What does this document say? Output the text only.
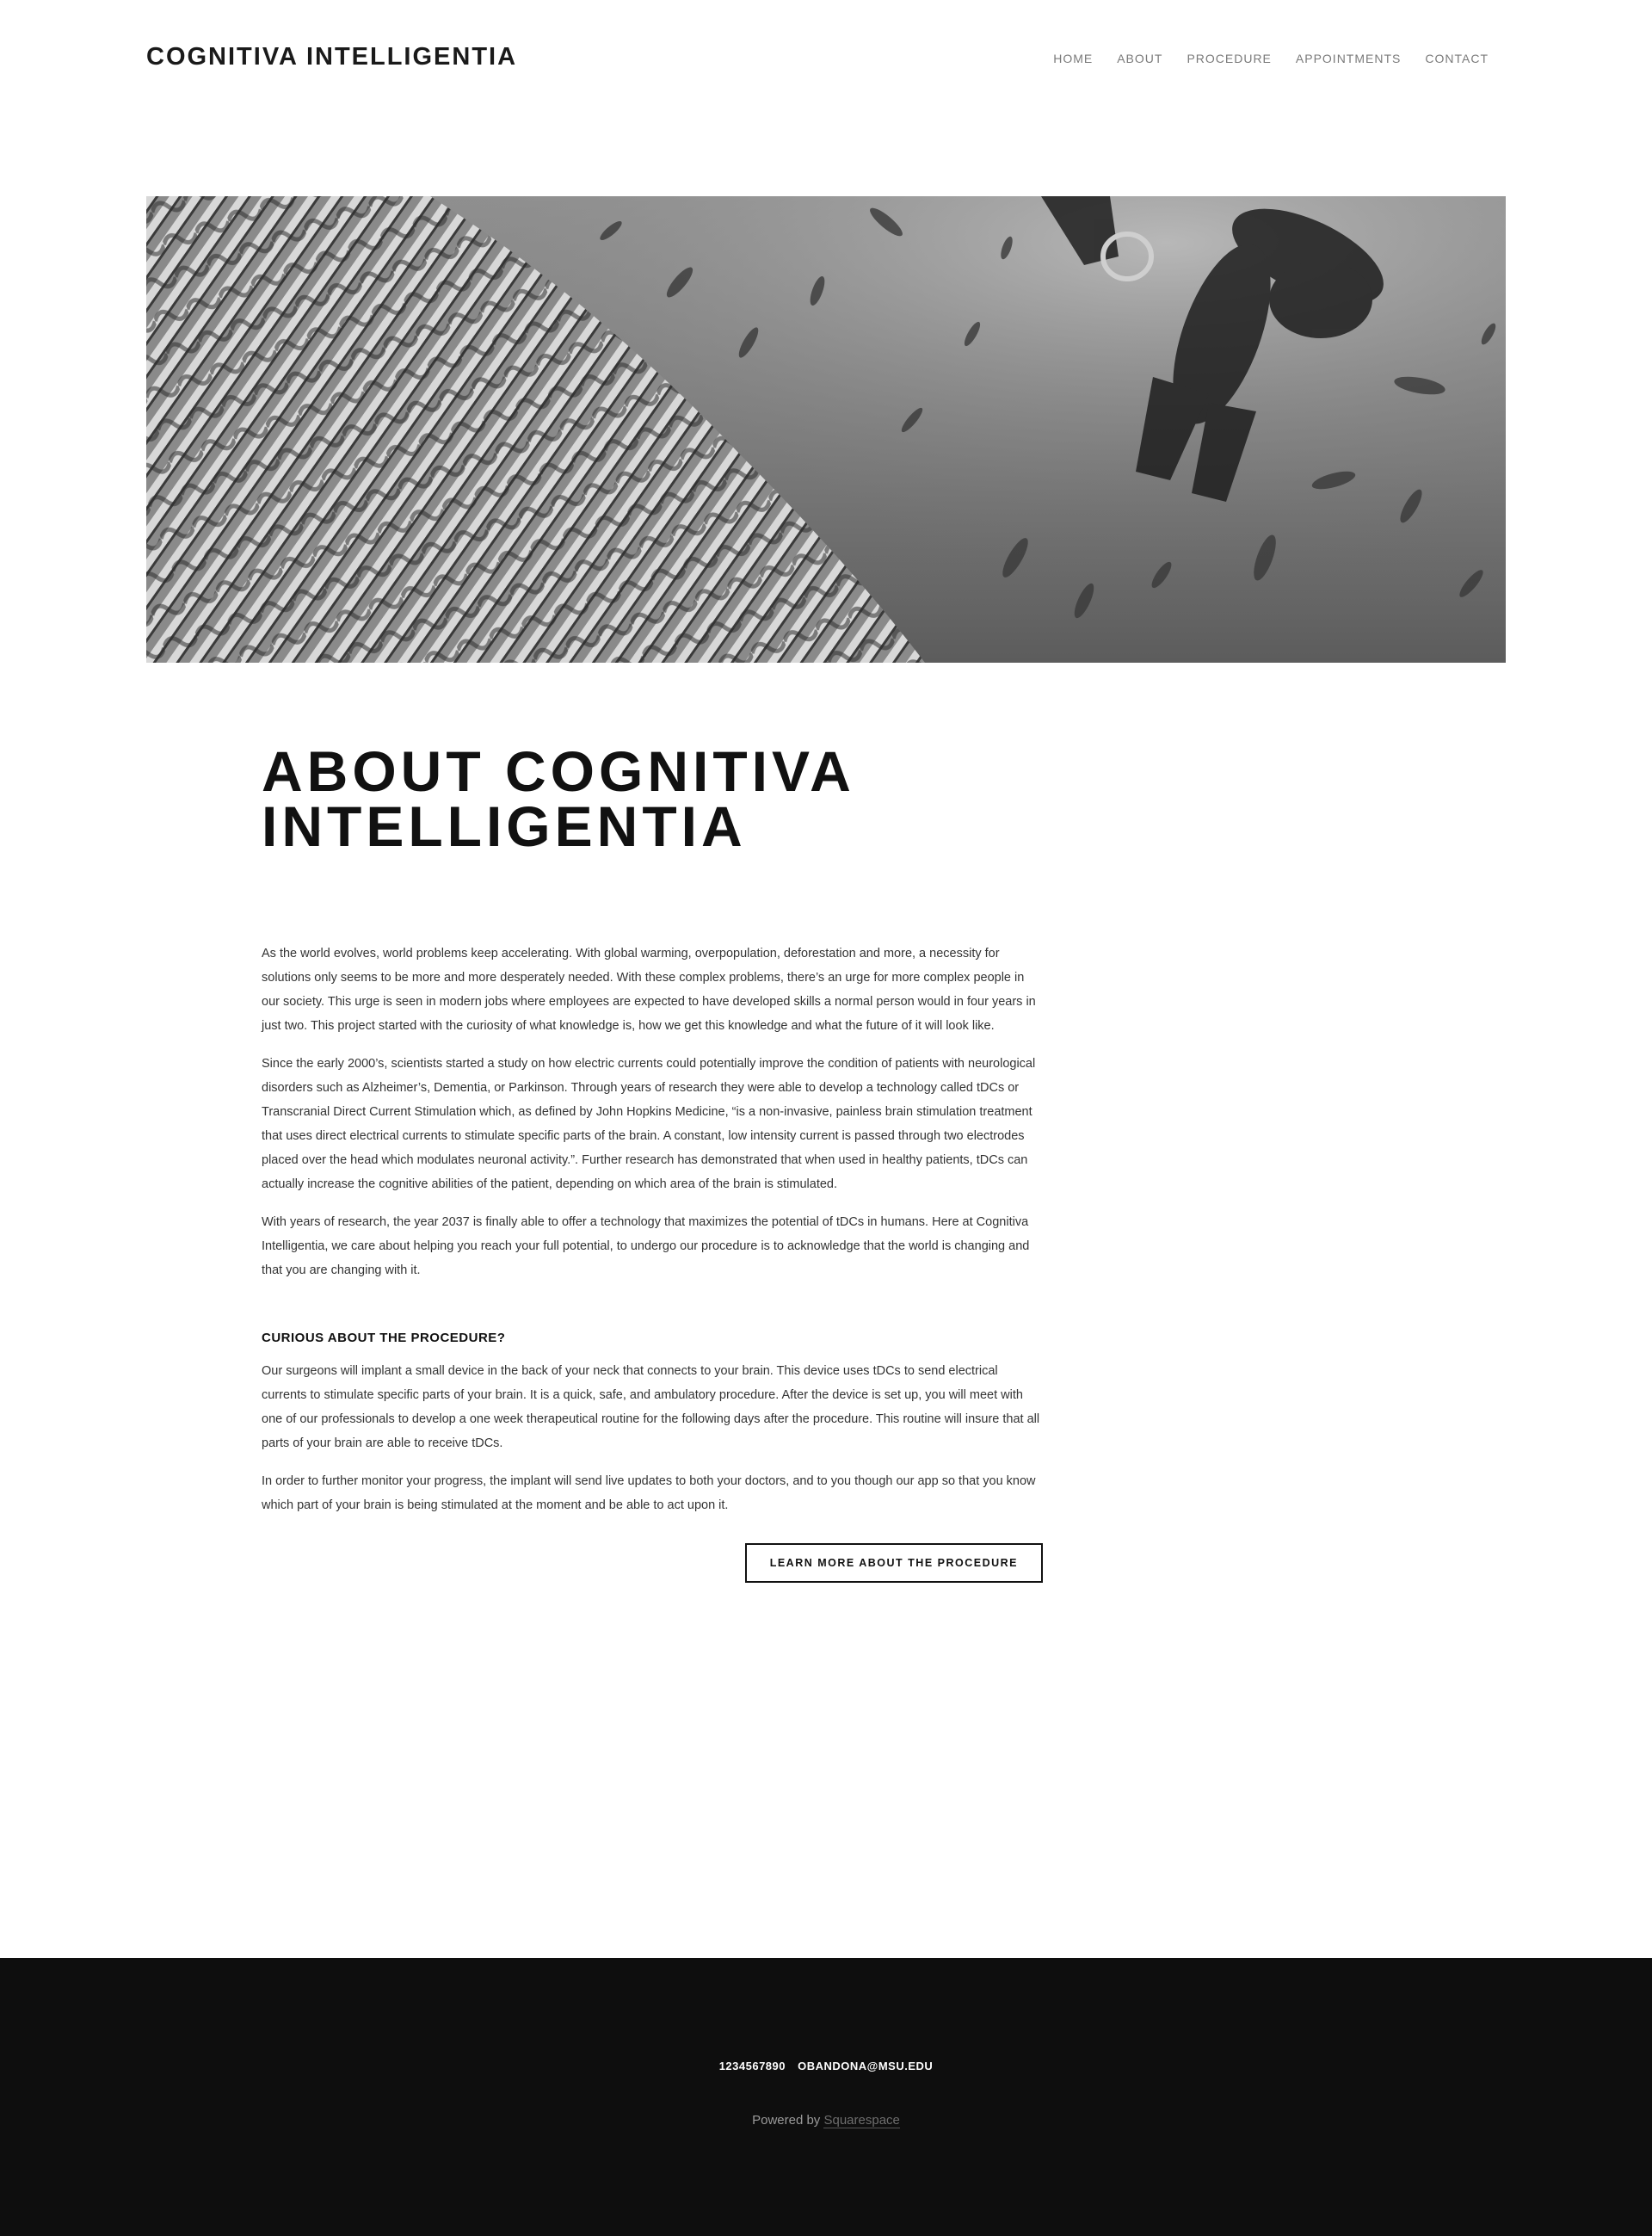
COGNITIVA INTELLIGENTIA	HOME ABOUT PROCEDURE APPOINTMENTS CONTACT
ABOUT COGNITIVA INTELLIGENTIA

As the world evolves, world problems keep accelerating. With global warming, overpopulation, deforestation and more, a necessity for solutions only seems to be more and more desperately needed. With these complex problems, there’s an urge for more complex people in our society. This urge is seen in modern jobs where employees are expected to have developed skills a normal person would in four years in just two. This project started with the curiosity of what knowledge is, how we get this knowledge and what the future of it will look like.

Since the early 2000’s, scientists started a study on how electric currents could potentially improve the condition of patients with neurological disorders such as Alzheimer’s, Dementia, or Parkinson. Through years of research they were able to develop a technology called tDCs or Transcranial Direct Current Stimulation which, as defined by John Hopkins Medicine, “is a non-invasive, painless brain stimulation treatment that uses direct electrical currents to stimulate specific parts of the brain. A constant, low intensity current is passed through two electrodes placed over the head which modulates neuronal activity.”. Further research has demonstrated that when used in healthy patients, tDCs can actually increase the cognitive abilities of the patient, depending on which area of the brain is stimulated.

With years of research, the year 2037 is finally able to offer a technology that maximizes the potential of tDCs in humans. Here at Cognitiva Intelligentia, we care about helping you reach your full potential, to undergo our procedure is to acknowledge that the world is changing and that you are changing with it.

CURIOUS ABOUT THE PROCEDURE?

Our surgeons will implant a small device in the back of your neck that connects to your brain. This device uses tDCs to send electrical currents to stimulate specific parts of your brain. It is a quick, safe, and ambulatory procedure. After the device is set up, you will meet with one of our professionals to develop a one week therapeutical routine for the following days after the procedure. This routine will insure that all parts of your brain are able to receive tDCs.

In order to further monitor your progress, the implant will send live updates to both your doctors, and to you though our app so that you know which part of your brain is being stimulated at the moment and be able to act upon it.

LEARN MORE ABOUT THE PROCEDURE
1234567890 OBANDONA@MSU.EDU
Powered by Squarespace
